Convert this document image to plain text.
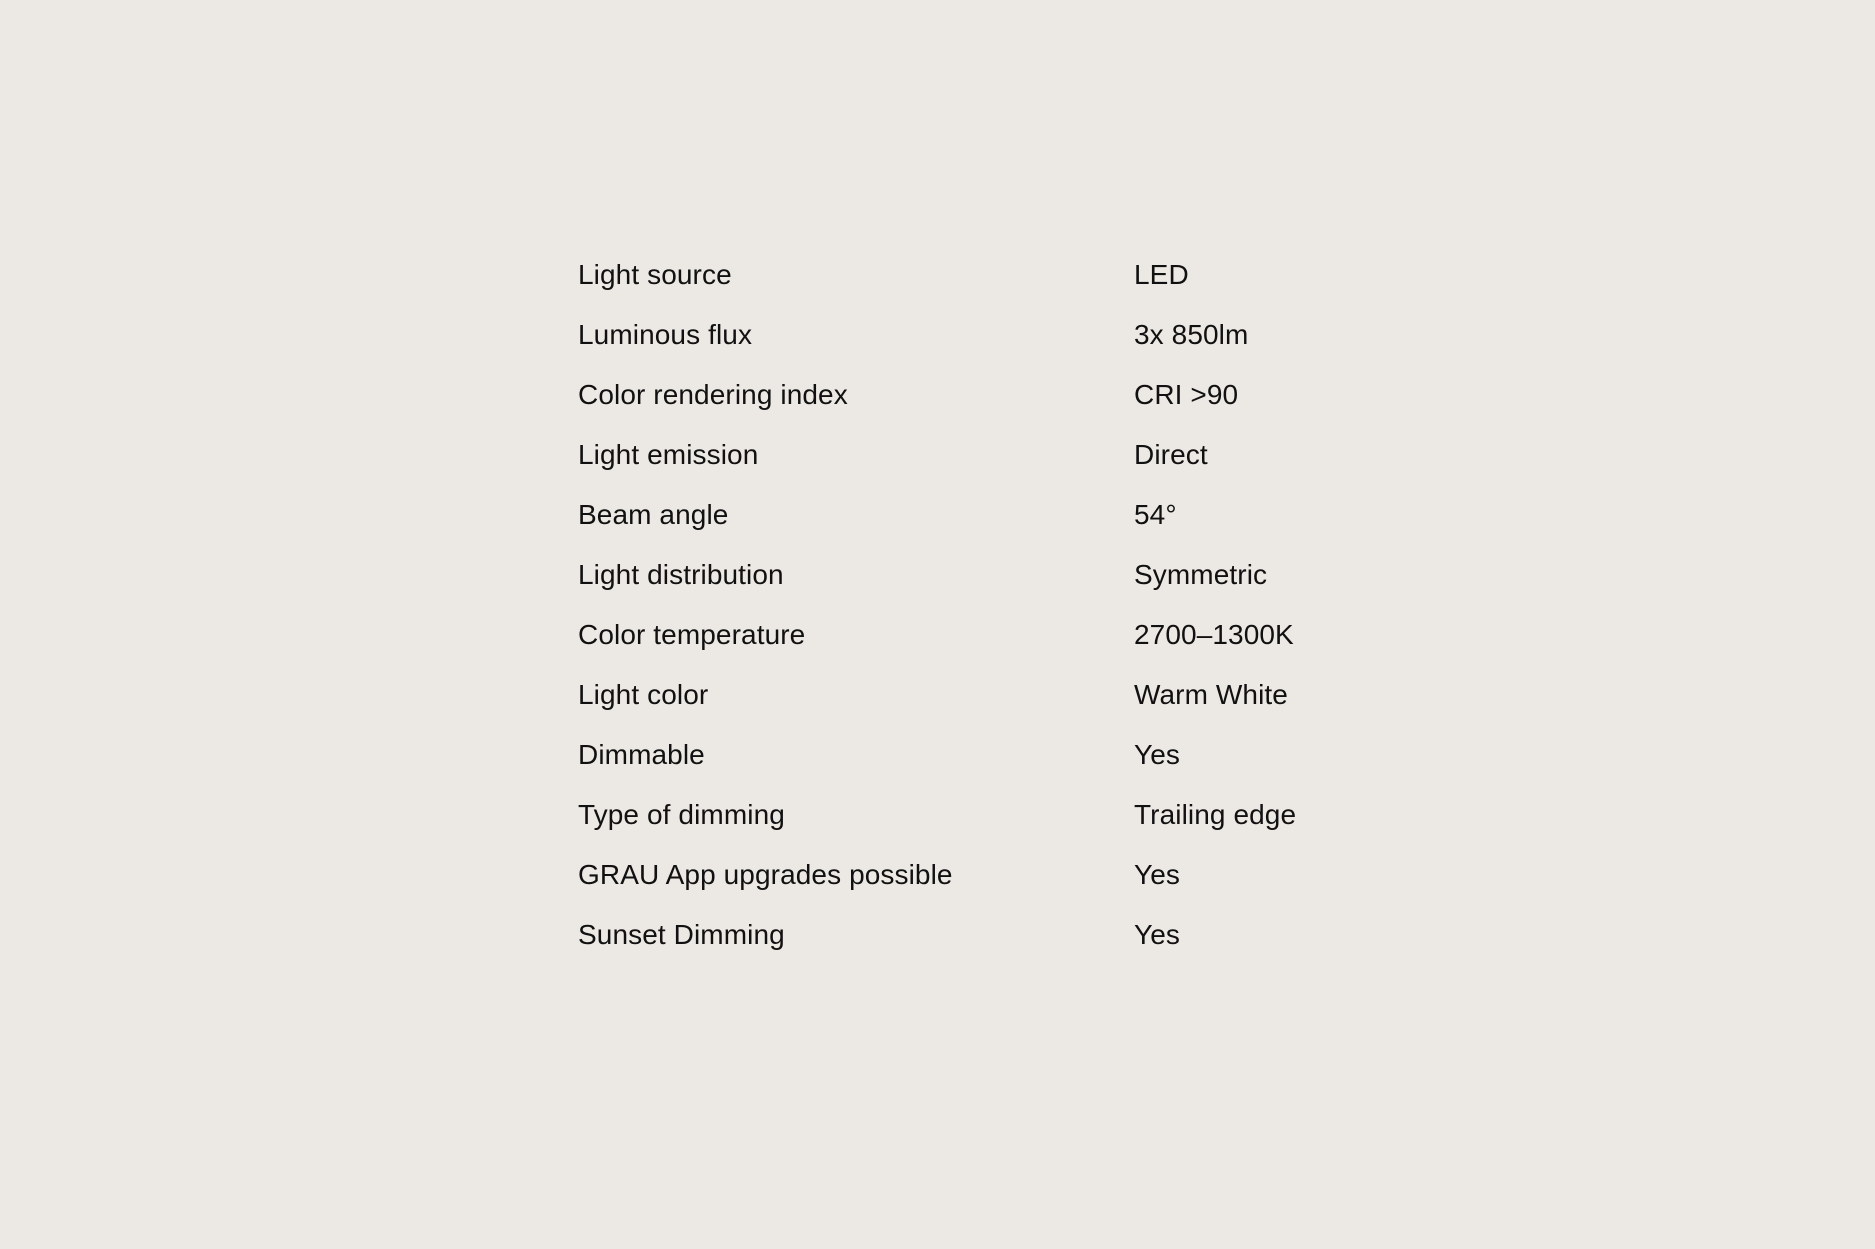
Light source	LED
Luminous flux	3x 850lm
Color rendering index	CRI >90
Light emission	Direct
Beam angle	54°
Light distribution	Symmetric
Color temperature	2700–1300K
Light color	Warm White
Dimmable	Yes
Type of dimming	Trailing edge
GRAU App upgrades possible	Yes
Sunset Dimming	Yes
